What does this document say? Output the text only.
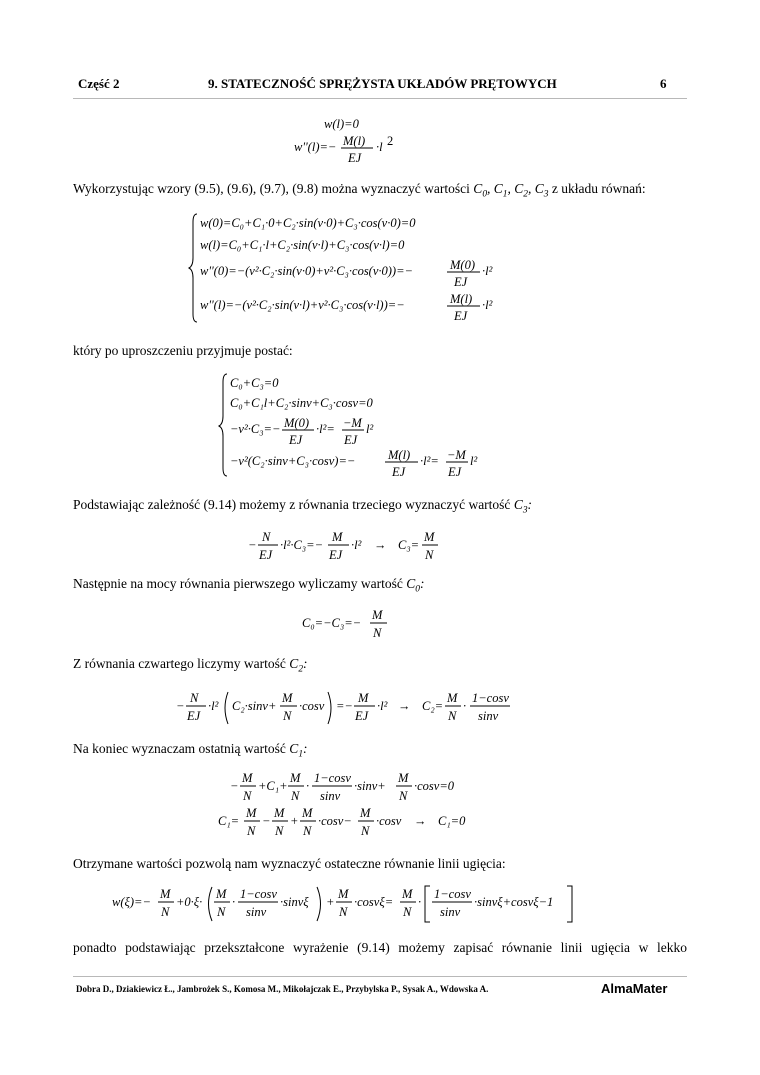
Część 2	9. STATECZNOŚĆ SPRĘŻYSTA UKŁADÓW PRĘTOWYCH	6
w(l)=0
w''(l)=− M(l)
EJ
·l 2
Wykorzystując wzory (9.5), (9.6), (9.7), (9.8) można wyznaczyć wartości $C_0$, $C_1$, $C_2$, $C_3$ z układu równań:
w(0)=C₀+C₁·0+C₂·sin(ν·0)+C₃·cos(ν·0)=0
w(l)=C₀+C₁·l+C₂·sin(ν·l)+C₃·cos(ν·l)=0
w''(0)=−(ν²·C₂·sin(ν·0)+ν²·C₃·cos(ν·0))=−	M(0)
EJ
·l²
w''(l)=−(ν²·C₂·sin(ν·l)+ν²·C₃·cos(ν·l))=−	M(l)
EJ
·l²
który po uproszczeniu przyjmuje postać:
C₀+C₃=0
C₀+C₁l+C₂·sinν+C₃·cosν=0
−ν²·C₃=− M(0)
EJ
·l²= −M
EJ
l²
−ν²(C₂·sinν+C₃·cosν)=−	M(l)
EJ
·l²= −M
EJ
l²
Podstawiając zależność (9.14) możemy z równania trzeciego wyznaczyć wartość $C_3$:
−
N
EJ
·l²·C₃=−
M
EJ
·l² → C₃=
M
N
Następnie na mocy równania pierwszego wyliczamy wartość $C_0$:
C₀=−C₃=−
M
N
Z równania czwartego liczymy wartość $C_2$:
−
N
EJ
·l² C₂·sinν+
M
N
·cosν =−
M
EJ
·l² → C₂=
M
N
·
1−cosν
sinν
Na koniec wyznaczam ostatnią wartość $C_1$:
−
M
N
+C₁+
M
N
·
1−cosν
sinν
·sinν+
M
N
·cosν=0
C₁=
M
N
−
M
N
+
M
N
·cosν−
M
N
·cosν → C₁=0
Otrzymane wartości pozwolą nam wyznaczyć ostateczne równanie linii ugięcia:
w(ξ)=−
M
N
+0·ξ·
M
N
·
1−cosν
sinν
·sinνξ +
M
N
·cosνξ=
M
N
·
1−cosν
sinν
·sinνξ+cosνξ−1
ponadto podstawiając przekształcone wyrażenie (9.14) możemy zapisać równanie linii ugięcia w lekko
Dobra D., Dziakiewicz Ł., Jambrożek S., Komosa M., Mikołajczak E., Przybylska P., Sysak A., Wdowska A.	AlmaMater
